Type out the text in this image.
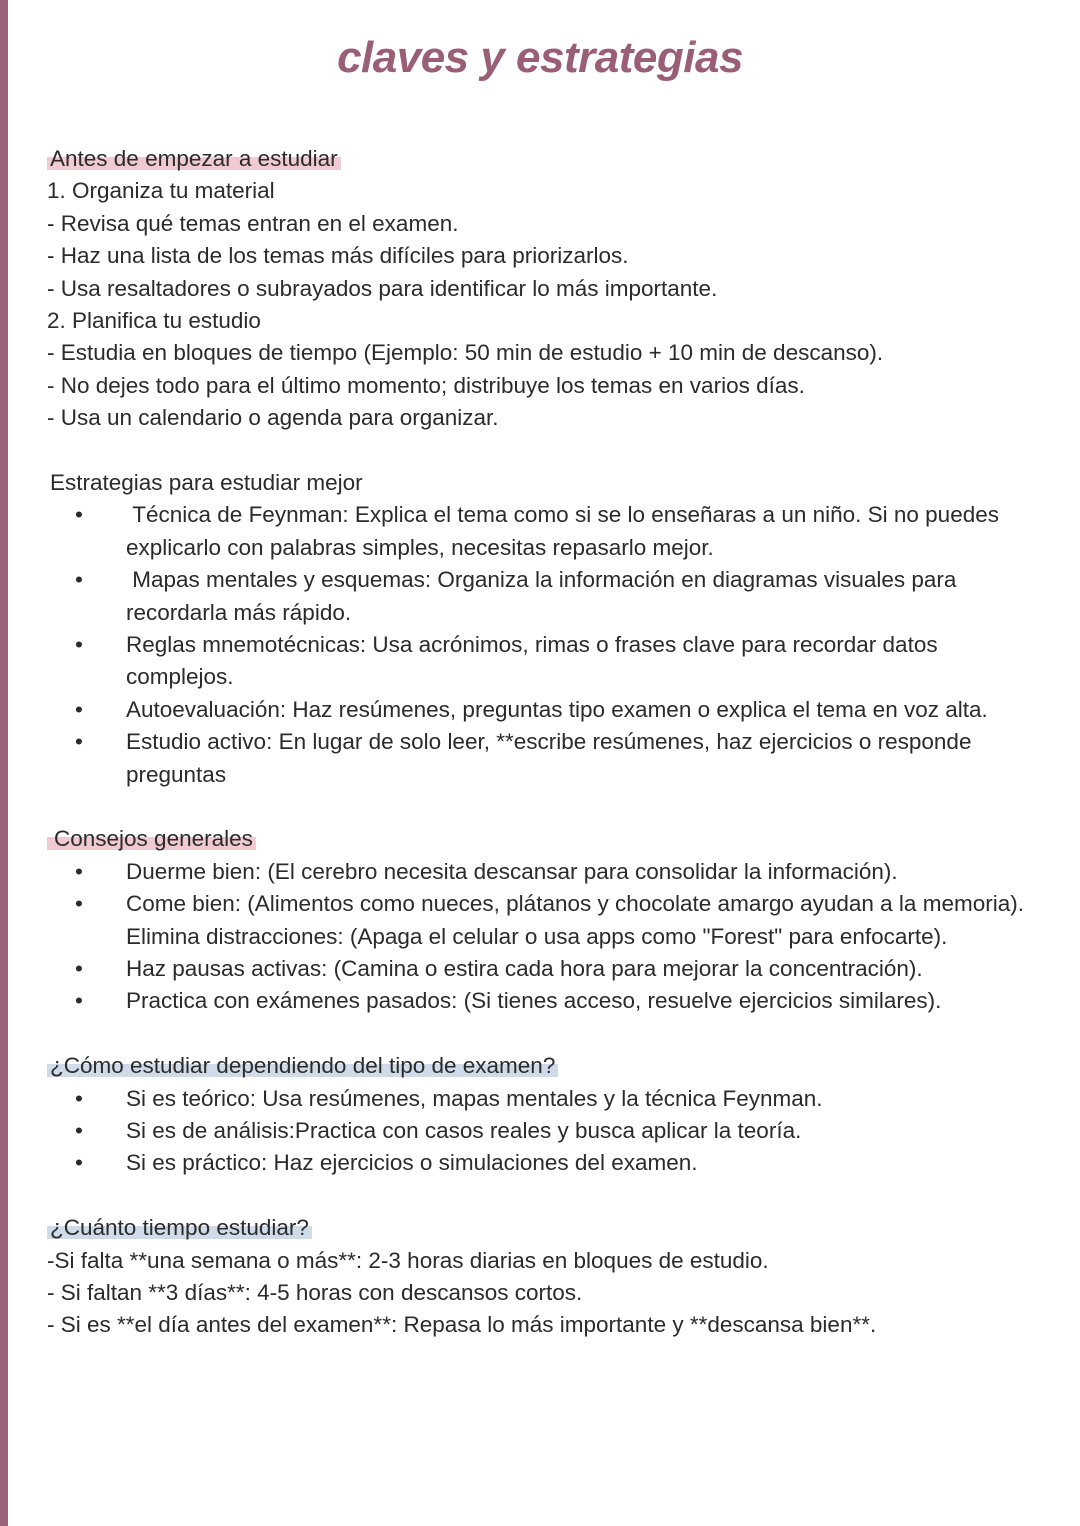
claves y estrategias
Antes de empezar a estudiar
1. Organiza tu material
- Revisa qué temas entran en el examen.
- Haz una lista de los temas más difíciles para priorizarlos.
- Usa resaltadores o subrayados para identificar lo más importante.
2. Planifica tu estudio
- Estudia en bloques de tiempo (Ejemplo: 50 min de estudio + 10 min de descanso).
- No dejes todo para el último momento; distribuye los temas en varios días.
- Usa un calendario o agenda para organizar.
Estrategias para estudiar mejor
• Técnica de Feynman: Explica el tema como si se lo enseñaras a un niño. Si no puedes explicarlo con palabras simples, necesitas repasarlo mejor.
• Mapas mentales y esquemas: Organiza la información en diagramas visuales para recordarla más rápido.
• Reglas mnemotécnicas: Usa acrónimos, rimas o frases clave para recordar datos complejos.
• Autoevaluación: Haz resúmenes, preguntas tipo examen o explica el tema en voz alta.
• Estudio activo: En lugar de solo leer, **escribe resúmenes, haz ejercicios o responde preguntas
Consejos generales
• Duerme bien: (El cerebro necesita descansar para consolidar la información).
• Come bien: (Alimentos como nueces, plátanos y chocolate amargo ayudan a la memoria). Elimina distracciones: (Apaga el celular o usa apps como "Forest" para enfocarte).
• Haz pausas activas: (Camina o estira cada hora para mejorar la concentración).
• Practica con exámenes pasados: (Si tienes acceso, resuelve ejercicios similares).
¿Cómo estudiar dependiendo del tipo de examen?
• Si es teórico: Usa resúmenes, mapas mentales y la técnica Feynman.
• Si es de análisis:Practica con casos reales y busca aplicar la teoría.
• Si es práctico: Haz ejercicios o simulaciones del examen.
¿Cuánto tiempo estudiar?
-Si falta **una semana o más**: 2-3 horas diarias en bloques de estudio.
- Si faltan **3 días**: 4-5 horas con descansos cortos.
- Si es **el día antes del examen**: Repasa lo más importante y **descansa bien**.
